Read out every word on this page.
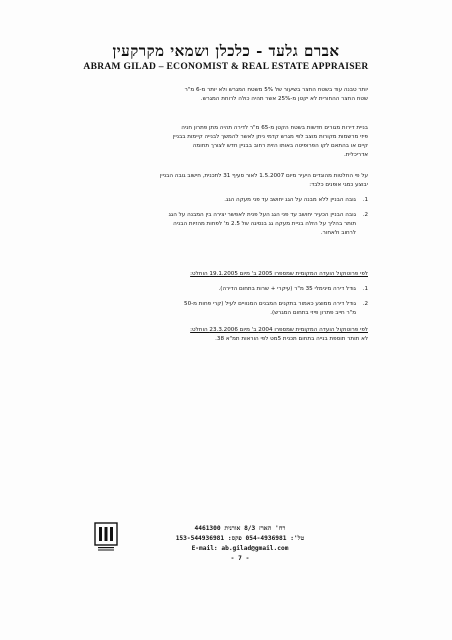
אברם גלעד - כלכלן ושמאי מקרקעין
ABRAM GILAD – ECONOMIST & REAL ESTATE APPRAISER

יותר טבנה עוד בשטח החצר בשיעור של 5% משטח המגרש ולא יותר מ-6 מ"ר

שטח החצר ההחורית לא יקטן מ-25% אשר תהיה כולה לרוחת המגרש.

בניית דירות מגורים חדשות בשטח הקטן מ-65 מ"ר לדירה תהיה מתן פתרון חניה

פיזי מרשמות מקורות מוצב לפי מגרש קדמי ניתן לאשר להמשך לבנייה קיימות בבניין

קיים או בהתאם לקו הפרופיטה באותו הזית רחוב בבניין חדש לצורך תחומה

אדריכלית.

על פי החלטות מהוגדים היעיר מיום 1.5.2007 לאור סעיף 31 לתכנית, חישוב גובה הבניין

יבוצע כמגי אופנים כלבד:

1.

גובה הבניין ללא מבנה על הגג יחושב עד פני מעקה הגג.

2.

גובה הבניין הכעיר יחושב עד פני הגג העל פנית לאפשר יצירה בין המבנה על הגג

תותר בהליך על הזלה בניית מעקה גג בנסיגה של 2.5 מ' לפחות מהזיות הבניה

לרחוב ולאחור.

לפי פרוטוקול הועדה המקומית שמספרו 2005 ב' מיום 19.1.2005 הוחלט:

1.

גודל דירה מינימלי 35 מ"ר (עיקרי + שרות בתחום הדירה).

2.

גודל דירה ממוצע כאמור בתקנים המבנים המנוויים לעיל (קרי פחות מ-50

מ"ר חייב פתרון פיזי בתחום המגרש).

לפי פרוטוקול הועדה המקומית שמספרו 2004 ב' מיום 23.3.2006 הוחלט:

לא תותר תוספת בנייה בתחום תכנית 5מט לפי הוראות תמ"א 38.

רח' הארז 8/3 אורנית 4461300
טל': 054-4936981 פקס: 153-544936981
E-mail: ab.gilad@gmail.com
- 7 -
